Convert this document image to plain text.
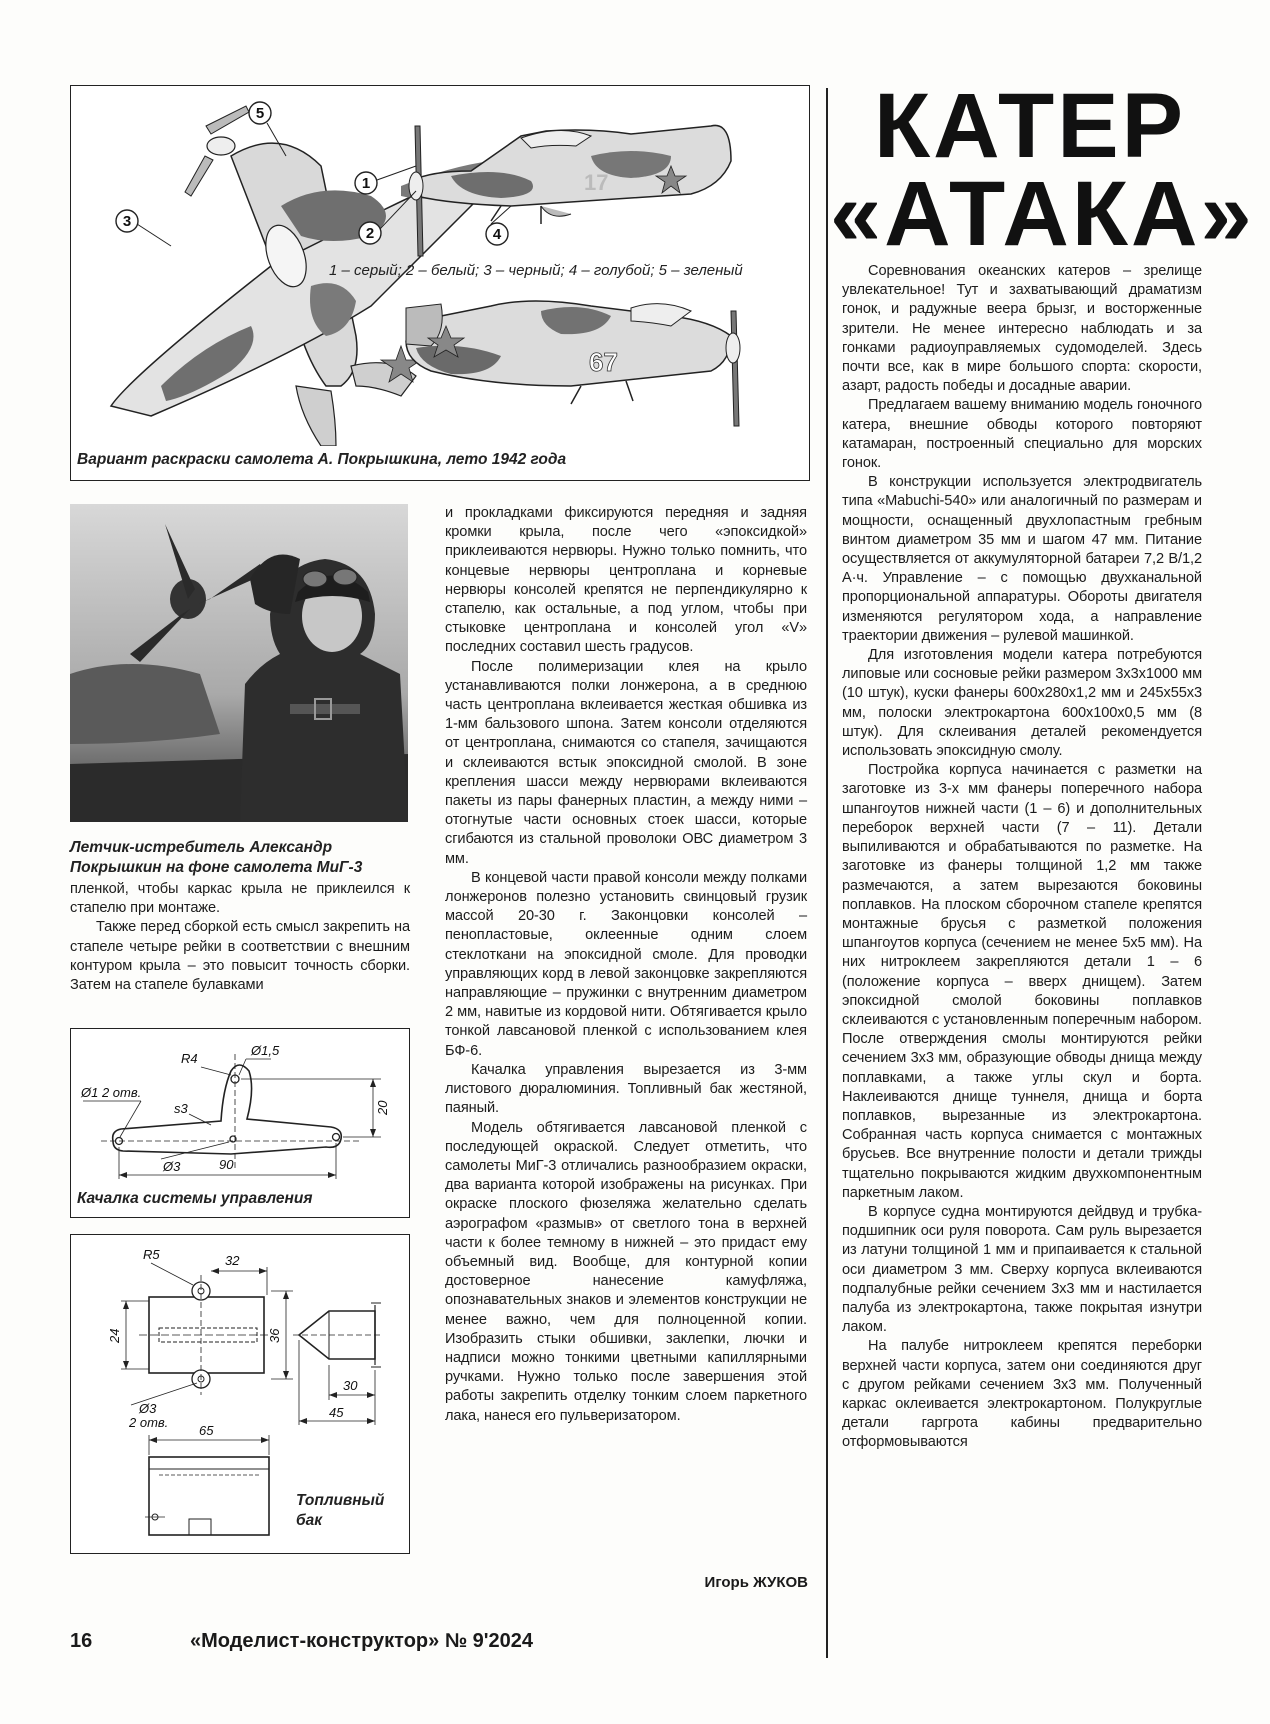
17
1
2
3
4
5
67
1 – серый; 2 – белый; 3 – черный; 4 – голубой; 5 – зеленый
Вариант раскраски самолета А. Покрышкина, лето 1942 года
КАТЕР
«АТАКА»
Летчик-истребитель Александр
Покрышкин на фоне самолета МиГ-3

пленкой, чтобы каркас крыла не приклеился к стапелю при монтаже.

Также перед сборкой есть смысл закрепить на стапеле четыре рейки в соответствии с внешним контуром крыла – это повысит точность сборки. Затем на стапеле булавками

R4
Ø1,5
Ø1 2 отв.
s3
Ø3	90
20
Качалка системы управления
R5	32
Ø3
2 отв.
65
30
45
24	36
Топливный
бак

и прокладками фиксируются передняя и задняя кромки крыла, после чего «эпоксидкой» приклеиваются нервюры. Нужно только помнить, что концевые нервюры центроплана и корневые нервюры консолей крепятся не перпендикулярно к стапелю, как остальные, а под углом, чтобы при стыковке центроплана и консолей угол «V» последних составил шесть градусов.

После полимеризации клея на крыло устанавливаются полки лонжерона, а в среднюю часть центроплана вклеивается жесткая обшивка из 1-мм бальзового шпона. Затем консоли отделяются от центроплана, снимаются со стапеля, зачищаются и склеиваются встык эпоксидной смолой. В зоне крепления шасси между нервюрами вклеиваются пакеты из пары фанерных пластин, а между ними – отогнутые части основных стоек шасси, которые сгибаются из стальной проволоки ОВС диаметром 3 мм.

В концевой части правой консоли между полками лонжеронов полезно установить свинцовый грузик массой 20-30 г. Законцовки консолей – пенопластовые, оклеенные одним слоем стеклоткани на эпоксидной смоле. Для проводки управляющих корд в левой законцовке закрепляются направляющие – пружинки с внутренним диаметром 2 мм, навитые из кордовой нити. Обтягивается крыло тонкой лавсановой пленкой с использованием клея БФ-6.

Качалка управления вырезается из 3-мм листового дюралюминия. Топливный бак жестяной, паяный.

Модель обтягивается лавсановой пленкой с последующей окраской. Следует отметить, что самолеты МиГ-3 отличались разнообразием окраски, два варианта которой изображены на рисунках. При окраске плоского фюзеляжа желательно сделать аэрографом «размыв» от светлого тона в верхней части к более темному в нижней – это придаст ему объемный вид. Вообще, для контурной копии достоверное нанесение камуфляжа, опознавательных знаков и элементов конструкции не менее важно, чем для полноценной копии. Изобразить стыки обшивки, заклепки, лючки и надписи можно тонкими цветными капиллярными ручками. Нужно только после завершения этой работы закрепить отделку тонким слоем паркетного лака, нанеся его пульверизатором.

Игорь ЖУКОВ

Соревнования океанских катеров – зрелище увлекательное! Тут и захватывающий драматизм гонок, и радужные веера брызг, и восторженные зрители. Не менее интересно наблюдать и за гонками радиоуправляемых судомоделей. Здесь почти все, как в мире большого спорта: скорости, азарт, радость победы и досадные аварии.

Предлагаем вашему вниманию модель гоночного катера, внешние обводы которого повторяют катамаран, построенный специально для морских гонок.

В конструкции используется электродвигатель типа «Mabuchi-540» или аналогичный по размерам и мощности, оснащенный двухлопастным гребным винтом диаметром 35 мм и шагом 47 мм. Питание осуществляется от аккумуляторной батареи 7,2 В/1,2 А·ч. Управление – с помощью двухканальной пропорциональной аппаратуры. Обороты двигателя изменяются регулятором хода, а направление траектории движения – рулевой машинкой.

Для изготовления модели катера потребуются липовые или сосновые рейки размером 3х3х1000 мм (10 штук), куски фанеры 600х280х1,2 мм и 245х55х3 мм, полоски электрокартона 600х100х0,5 мм (8 штук). Для склеивания деталей рекомендуется использовать эпоксидную смолу.

Постройка корпуса начинается с разметки на заготовке из 3-х мм фанеры поперечного набора шпангоутов нижней части (1 – 6) и дополнительных переборок верхней части (7 – 11). Детали выпиливаются и обрабатываются по разметке. На заготовке из фанеры толщиной 1,2 мм также размечаются, а затем вырезаются боковины поплавков. На плоском сборочном стапеле крепятся монтажные брусья с разметкой положения шпангоутов корпуса (сечением не менее 5х5 мм). На них нитроклеем закрепляются детали 1 – 6 (положение корпуса – вверх днищем). Затем эпоксидной смолой боковины поплавков склеиваются с установленным поперечным набором. После отверждения смолы монтируются рейки сечением 3х3 мм, образующие обводы днища между поплавками, а также углы скул и борта. Наклеиваются днище туннеля, днища и борта поплавков, вырезанные из электрокартона. Собранная часть корпуса снимается с монтажных брусьев. Все внутренние полости и детали трижды тщательно покрываются жидким двухкомпонентным паркетным лаком.

В корпусе судна монтируются дейдвуд и трубка-подшипник оси руля поворота. Сам руль вырезается из латуни толщиной 1 мм и припаивается к стальной оси диаметром 3 мм. Сверху корпуса вклеиваются подпалубные рейки сечением 3х3 мм и настилается палуба из электрокартона, также покрытая изнутри лаком.

На палубе нитроклеем крепятся переборки верхней части корпуса, затем они соединяются друг с другом рейками сечением 3х3 мм. Полученный каркас оклеивается электрокартоном. Полукруглые детали гаргрота кабины предварительно отформовываются

16	«Моделист-конструктор» № 9'2024
